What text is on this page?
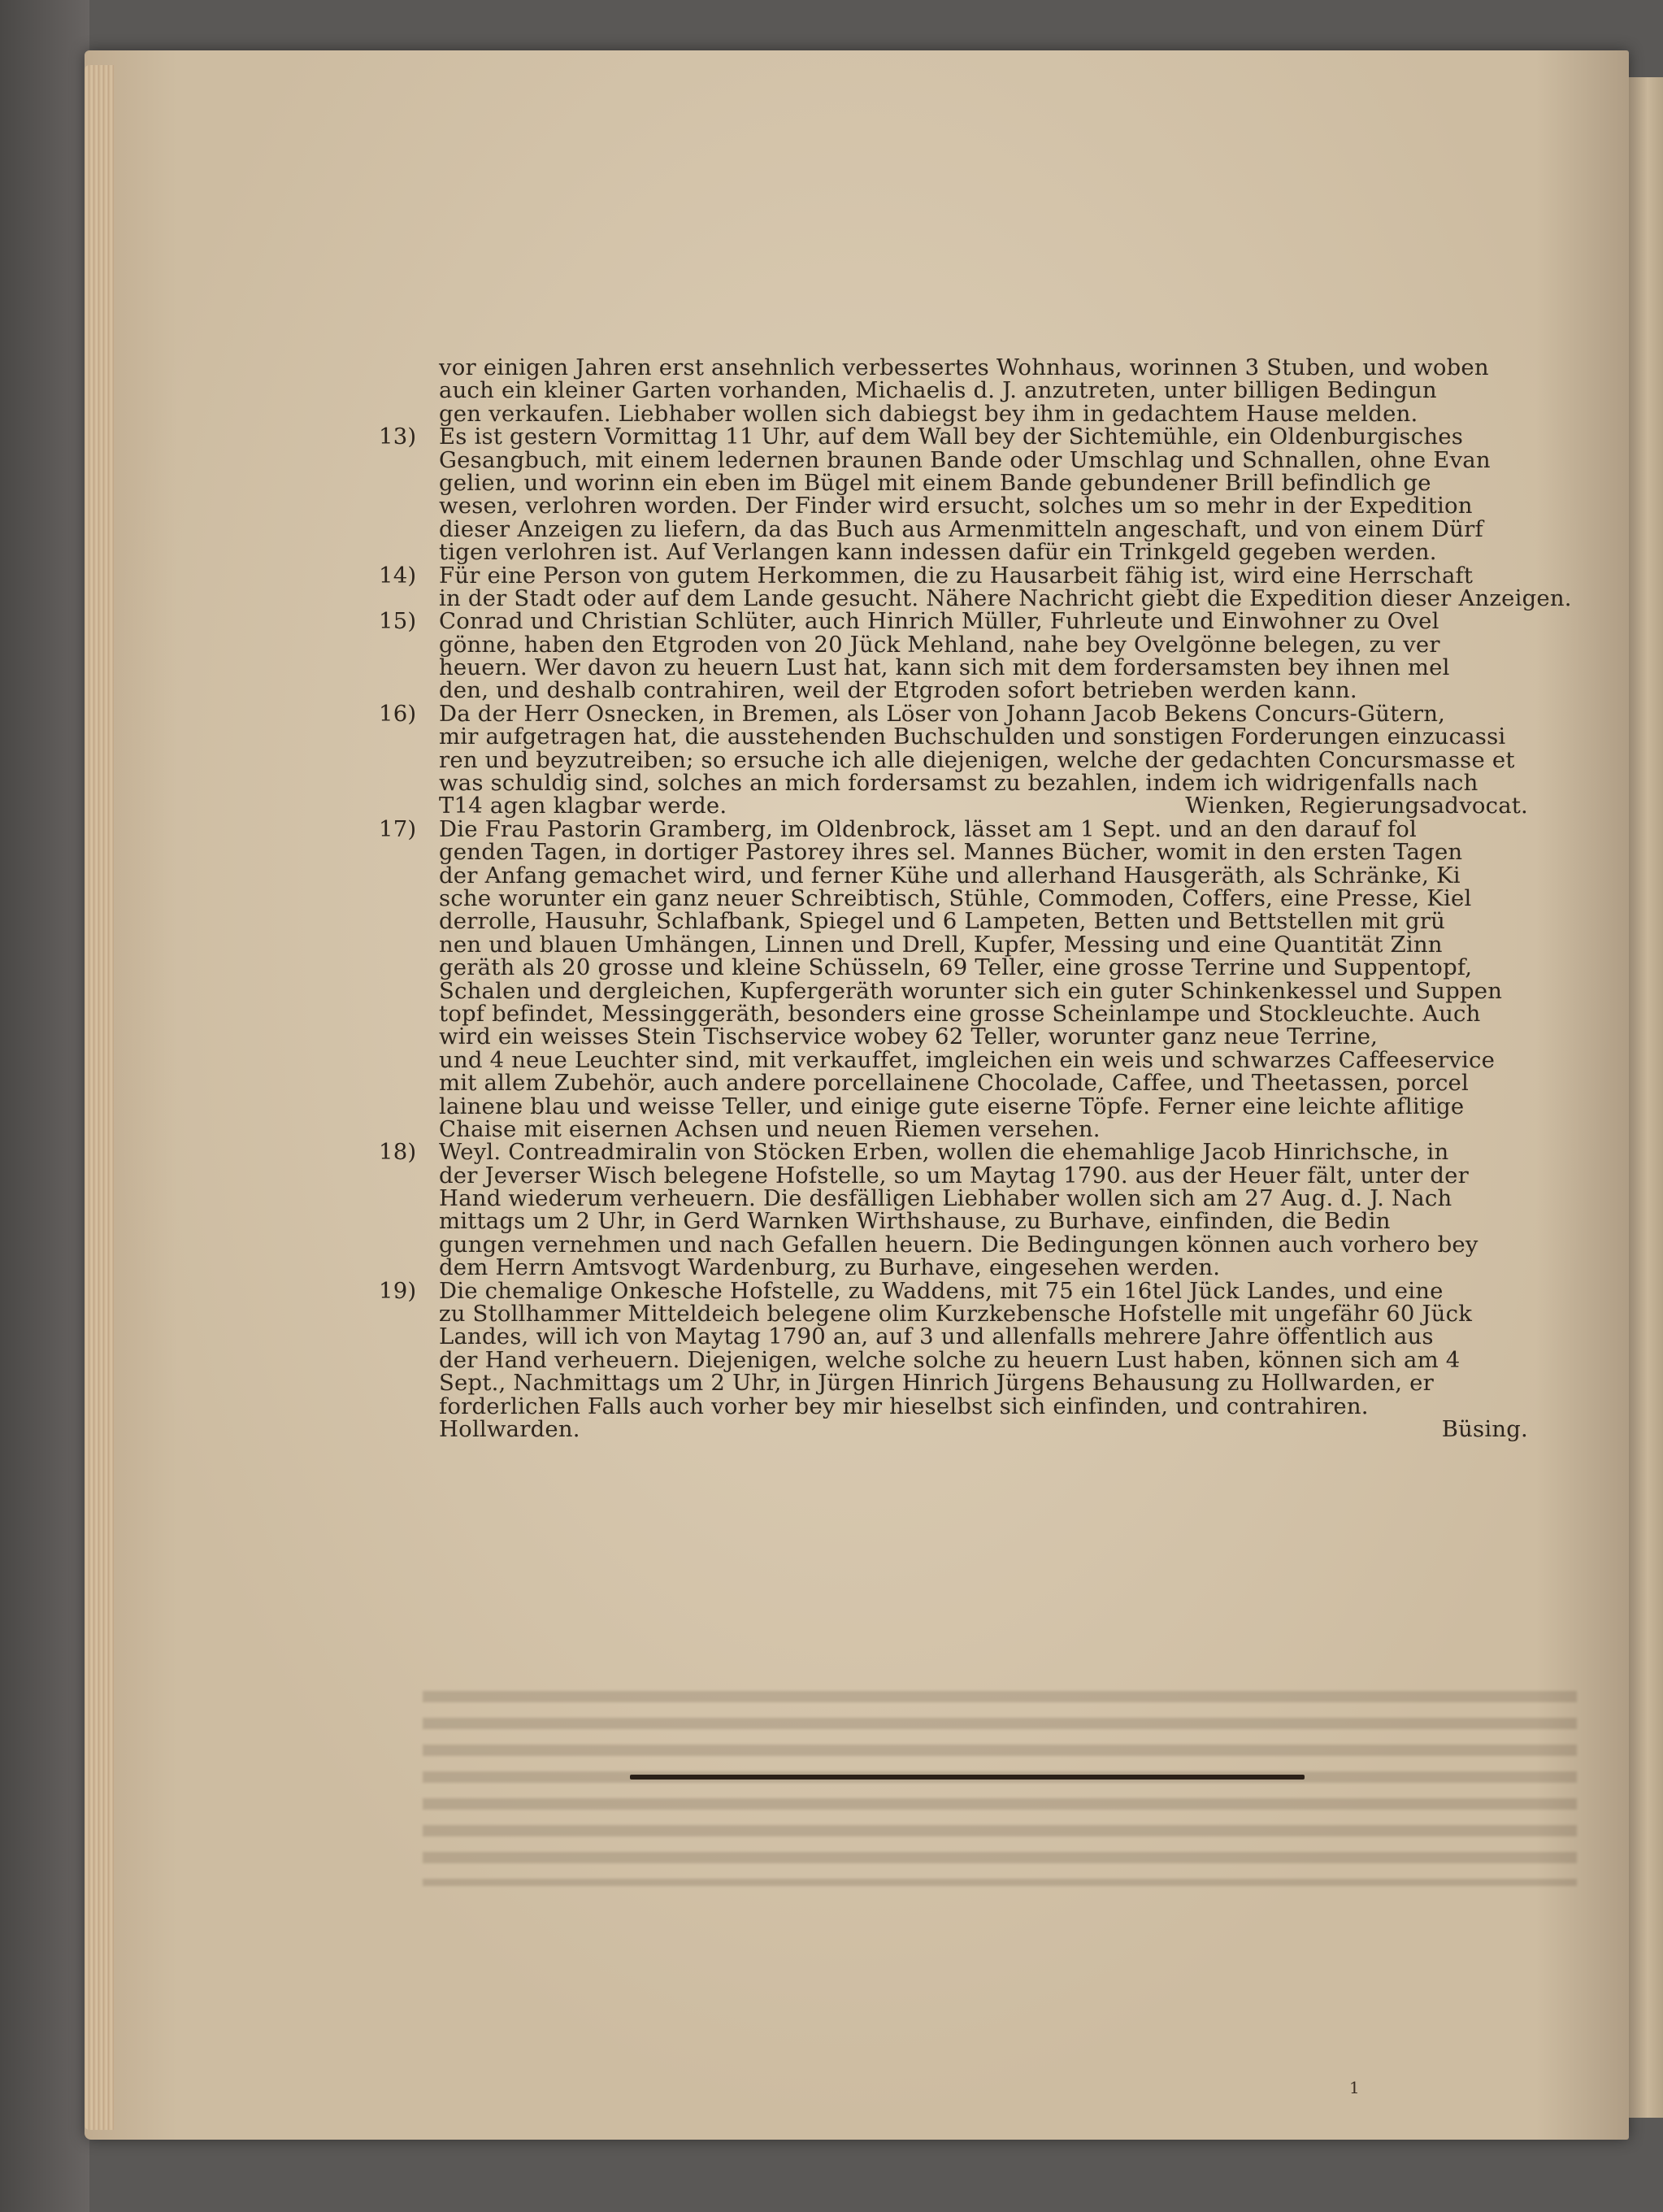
vor einigen Jahren erst ansehnlich verbessertes Wohnhaus, worinnen 3 Stuben, und woben
auch ein kleiner Garten vorhanden, Michaelis d. J. anzutreten, unter billigen Bedingun
gen verkaufen. Liebhaber wollen sich dabiegst bey ihm in gedachtem Hause melden.
13)	Es ist gestern Vormittag 11 Uhr, auf dem Wall bey der Sichtemühle, ein Oldenburgisches
Gesangbuch, mit einem ledernen braunen Bande oder Umschlag und Schnallen, ohne Evan
gelien, und worinn ein eben im Bügel mit einem Bande gebundener Brill befindlich ge
wesen, verlohren worden. Der Finder wird ersucht, solches um so mehr in der Expedition
dieser Anzeigen zu liefern, da das Buch aus Armenmitteln angeschaft, und von einem Dürf
tigen verlohren ist. Auf Verlangen kann indessen dafür ein Trinkgeld gegeben werden.
14)	Für eine Person von gutem Herkommen, die zu Hausarbeit fähig ist, wird eine Herrschaft
in der Stadt oder auf dem Lande gesucht. Nähere Nachricht giebt die Expedition dieser Anzeigen.
15)	Conrad und Christian Schlüter, auch Hinrich Müller, Fuhrleute und Einwohner zu Ovel
gönne, haben den Etgroden von 20 Jück Mehland, nahe bey Ovelgönne belegen, zu ver
heuern. Wer davon zu heuern Lust hat, kann sich mit dem fordersamsten bey ihnen mel
den, und deshalb contrahiren, weil der Etgroden sofort betrieben werden kann.
16)	Da der Herr Osnecken, in Bremen, als Löser von Johann Jacob Bekens Concurs-Gütern,
mir aufgetragen hat, die ausstehenden Buchschulden und sonstigen Forderungen einzucassi
ren und beyzutreiben; so ersuche ich alle diejenigen, welche der gedachten Concursmasse et
was schuldig sind, solches an mich fordersamst zu bezahlen, indem ich widrigenfalls nach
T14 agen klagbar werde.	Wienken, Regierungsadvocat.
17)	Die Frau Pastorin Gramberg, im Oldenbrock, lässet am 1 Sept. und an den darauf fol
genden Tagen, in dortiger Pastorey ihres sel. Mannes Bücher, womit in den ersten Tagen
der Anfang gemachet wird, und ferner Kühe und allerhand Hausgeräth, als Schränke, Ki
sche worunter ein ganz neuer Schreibtisch, Stühle, Commoden, Coffers, eine Presse, Kiel
derrolle, Hausuhr, Schlafbank, Spiegel und 6 Lampeten, Betten und Bettstellen mit grü
nen und blauen Umhängen, Linnen und Drell, Kupfer, Messing und eine Quantität Zinn
geräth als 20 grosse und kleine Schüsseln, 69 Teller, eine grosse Terrine und Suppentopf,
Schalen und dergleichen, Kupfergeräth worunter sich ein guter Schinkenkessel und Suppen
topf befindet, Messinggeräth, besonders eine grosse Scheinlampe und Stockleuchte. Auch
wird ein weisses Stein Tischservice wobey 62 Teller, worunter ganz neue Terrine,
und 4 neue Leuchter sind, mit verkauffet, imgleichen ein weis und schwarzes Caffeeservice
mit allem Zubehör, auch andere porcellainene Chocolade, Caffee, und Theetassen, porcel
lainene blau und weisse Teller, und einige gute eiserne Töpfe. Ferner eine leichte aflitige
Chaise mit eisernen Achsen und neuen Riemen versehen.
18)	Weyl. Contreadmiralin von Stöcken Erben, wollen die ehemahlige Jacob Hinrichsche, in
der Jeverser Wisch belegene Hofstelle, so um Maytag 1790. aus der Heuer fält, unter der
Hand wiederum verheuern. Die desfälligen Liebhaber wollen sich am 27 Aug. d. J. Nach
mittags um 2 Uhr, in Gerd Warnken Wirthshause, zu Burhave, einfinden, die Bedin
gungen vernehmen und nach Gefallen heuern. Die Bedingungen können auch vorhero bey
dem Herrn Amtsvogt Wardenburg, zu Burhave, eingesehen werden.
19)	Die chemalige Onkesche Hofstelle, zu Waddens, mit 75 ein 16tel Jück Landes, und eine
zu Stollhammer Mitteldeich belegene olim Kurzkebensche Hofstelle mit ungefähr 60 Jück
Landes, will ich von Maytag 1790 an, auf 3 und allenfalls mehrere Jahre öffentlich aus
der Hand verheuern. Diejenigen, welche solche zu heuern Lust haben, können sich am 4
Sept., Nachmittags um 2 Uhr, in Jürgen Hinrich Jürgens Behausung zu Hollwarden, er
forderlichen Falls auch vorher bey mir hieselbst sich einfinden, und contrahiren.
Hollwarden.	Büsing.
1
